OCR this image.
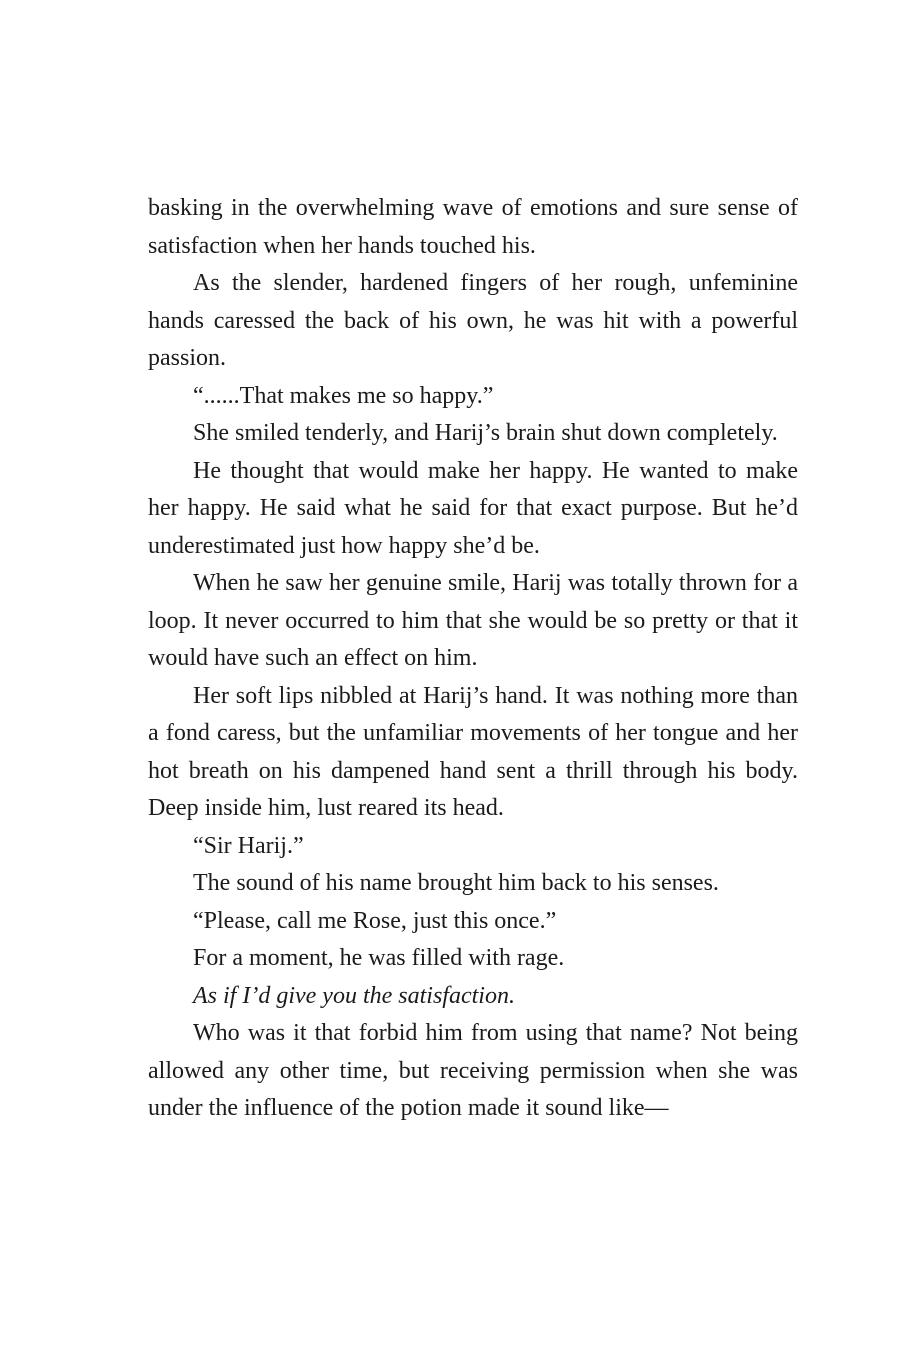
basking in the overwhelming wave of emotions and sure sense of satisfaction when her hands touched his.

As the slender, hardened fingers of her rough, unfeminine hands caressed the back of his own, he was hit with a powerful passion.

“......That makes me so happy.”

She smiled tenderly, and Harij’s brain shut down completely.

He thought that would make her happy. He wanted to make her happy. He said what he said for that exact purpose. But he’d underestimated just how happy she’d be.

When he saw her genuine smile, Harij was totally thrown for a loop. It never occurred to him that she would be so pretty or that it would have such an effect on him.

Her soft lips nibbled at Harij’s hand. It was nothing more than a fond caress, but the unfamiliar movements of her tongue and her hot breath on his dampened hand sent a thrill through his body. Deep inside him, lust reared its head.

“Sir Harij.”

The sound of his name brought him back to his senses.

“Please, call me Rose, just this once.”

For a moment, he was filled with rage.

As if I’d give you the satisfaction.

Who was it that forbid him from using that name? Not being allowed any other time, but receiving permission when she was under the influence of the potion made it sound like—
